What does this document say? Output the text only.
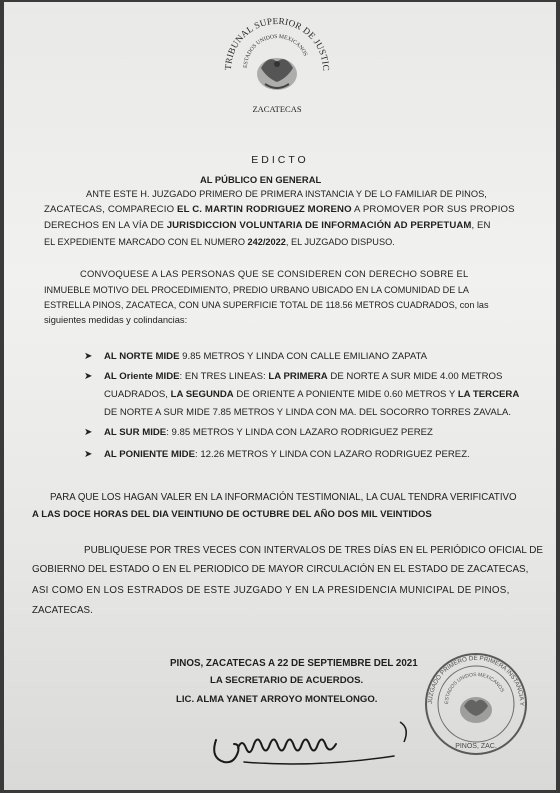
TRIBUNAL SUPERIOR DE JUSTIC
ESTADOS UNIDOS MEXICANOS
ZACATECAS
EDICTO
AL PÚBLICO EN GENERAL
ANTE ESTE H. JUZGADO PRIMERO DE PRIMERA INSTANCIA Y DE LO FAMILIAR DE PINOS,
ZACATECAS, COMPARECIO EL C. MARTIN RODRIGUEZ MORENO A PROMOVER POR SUS PROPIOS
DERECHOS EN LA VÍA DE JURISDICCION VOLUNTARIA DE INFORMACIÓN AD PERPETUAM, EN
EL EXPEDIENTE MARCADO CON EL NUMERO 242/2022, EL JUZGADO DISPUSO.
CONVOQUESE A LAS PERSONAS QUE SE CONSIDEREN CON DERECHO SOBRE EL
INMUEBLE MOTIVO DEL PROCEDIMIENTO, PREDIO URBANO UBICADO EN LA COMUNIDAD DE LA
ESTRELLA PINOS, ZACATECA, CON UNA SUPERFICIE TOTAL DE 118.56 METROS CUADRADOS, con las
siguientes medidas y colindancias:
➤ AL NORTE MIDE 9.85 METROS Y LINDA CON CALLE EMILIANO ZAPATA
➤ AL Oriente MIDE: EN TRES LINEAS: LA PRIMERA DE NORTE A SUR MIDE 4.00 METROS
CUADRADOS, LA SEGUNDA DE ORIENTE A PONIENTE MIDE 0.60 METROS Y LA TERCERA
DE NORTE A SUR MIDE 7.85 METROS Y LINDA CON MA. DEL SOCORRO TORRES ZAVALA.
➤ AL SUR MIDE: 9.85 METROS Y LINDA CON LAZARO RODRIGUEZ PEREZ
➤ AL PONIENTE MIDE: 12.26 METROS Y LINDA CON LAZARO RODRIGUEZ PEREZ.
PARA QUE LOS HAGAN VALER EN LA INFORMACIÓN TESTIMONIAL, LA CUAL TENDRA VERIFICATIVO
A LAS DOCE HORAS DEL DIA VEINTIUNO DE OCTUBRE DEL AÑO DOS MIL VEINTIDOS
PUBLIQUESE POR TRES VECES CON INTERVALOS DE TRES DÍAS EN EL PERIÓDICO OFICIAL DE
GOBIERNO DEL ESTADO O EN EL PERIODICO DE MAYOR CIRCULACIÓN EN EL ESTADO DE ZACATECAS,
ASI COMO EN LOS ESTRADOS DE ESTE JUZGADO Y EN LA PRESIDENCIA MUNICIPAL DE PINOS,
ZACATECAS.
PINOS, ZACATECAS A 22 DE SEPTIEMBRE DEL 2021
LA SECRETARIO DE ACUERDOS.
LIC. ALMA YANET ARROYO MONTELONGO.	JUZGADO PRIMERO DE PRIMERA INSTANCIA Y
ESTADOS UNIDOS MEXICANOS
PINOS, ZAC.
